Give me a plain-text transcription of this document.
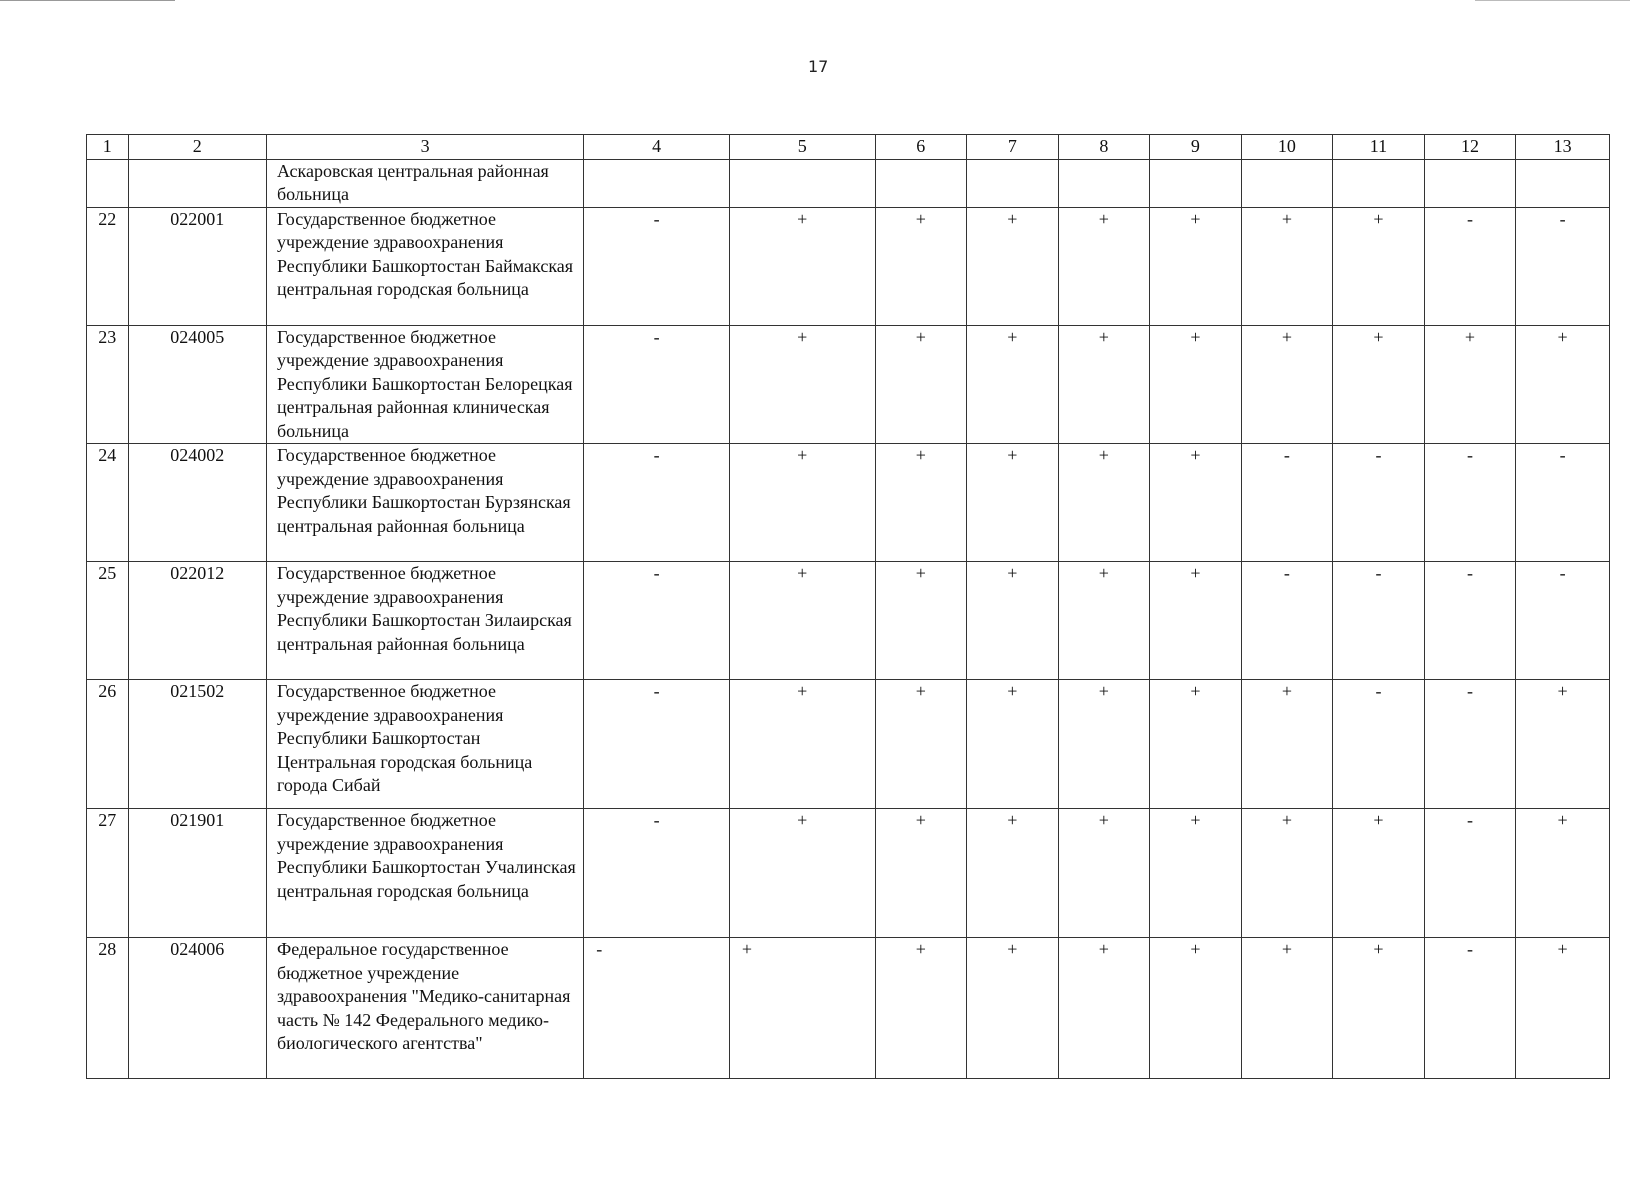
17
1	2	3	4	5	6	7	8	9	10	11	12	13
		Аскаровская центральная районная больница										
22	022001	Государственное бюджетное учреждение здравоохранения Республики Башкортостан Баймакская центральная городская больница	-	+	+	+	+	+	+	+	-	-
23	024005	Государственное бюджетное учреждение здравоохранения Республики Башкортостан Белорецкая центральная районная клиническая больница	-	+	+	+	+	+	+	+	+	+
24	024002	Государственное бюджетное учреждение здравоохранения Республики Башкортостан Бурзянская центральная районная больница	-	+	+	+	+	+	-	-	-	-
25	022012	Государственное бюджетное учреждение здравоохранения Республики Башкортостан Зилаирская центральная районная больница	-	+	+	+	+	+	-	-	-	-
26	021502	Государственное бюджетное учреждение здравоохранения Республики Башкортостан Центральная городская больница города Сибай	-	+	+	+	+	+	+	-	-	+
27	021901	Государственное бюджетное учреждение здравоохранения Республики Башкортостан Учалинская центральная городская больница	-	+	+	+	+	+	+	+	-	+
28	024006	Федеральное государственное бюджетное учреждение здравоохранения "Медико-санитарная часть № 142 Федерального медико-биологического агентства"	-	+	+	+	+	+	+	+	-	+
